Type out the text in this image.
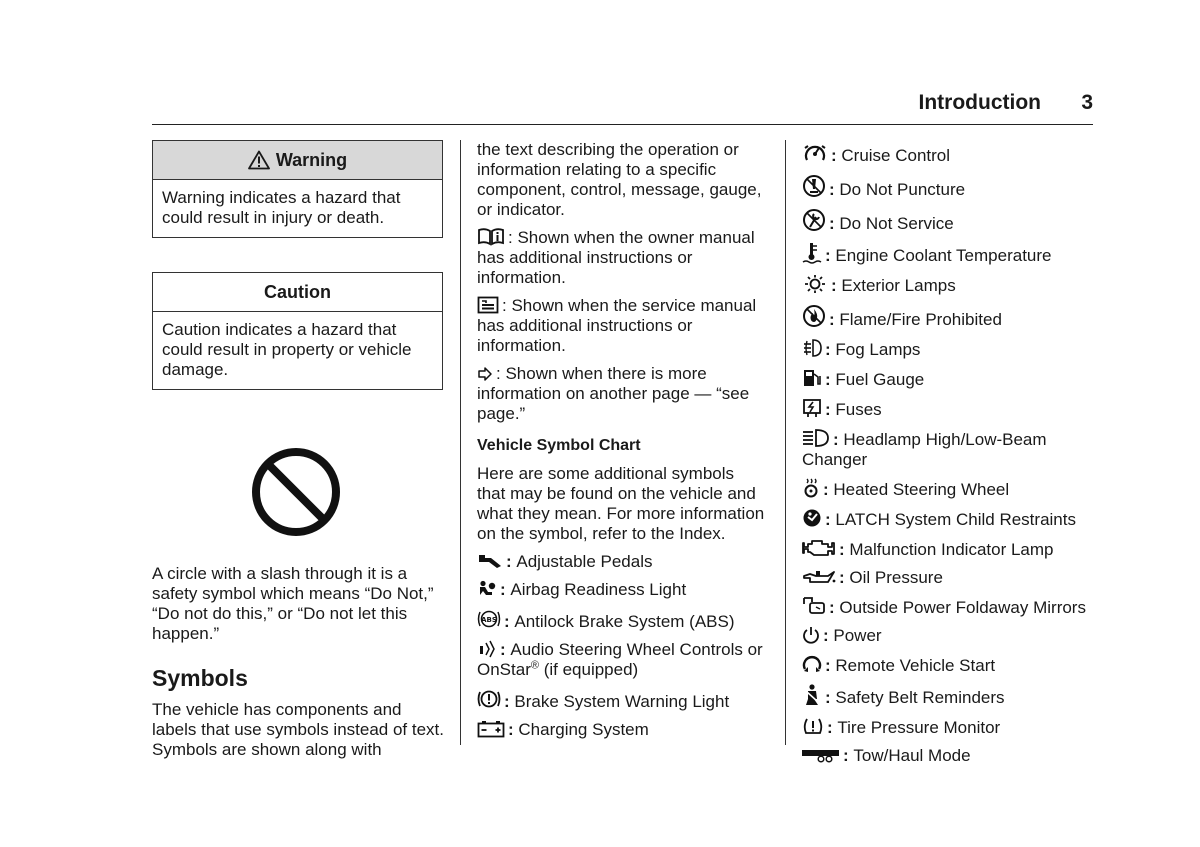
Introduction 3
Warning
Warning indicates a hazard that could result in injury or death.
Caution
Caution indicates a hazard that could result in property or vehicle damage.
A circle with a slash through it is a safety symbol which means “Do Not,” “Do not do this,” or “Do not let this happen.”
Symbols
The vehicle has components and labels that use symbols instead of text. Symbols are shown along with

the text describing the operation or information relating to a specific component, control, message, gauge, or indicator.

: Shown when the owner manual has additional instructions or information.

: Shown when the service manual has additional instructions or information.

: Shown when there is more information on another page — “see page.”

Vehicle Symbol Chart

Here are some additional symbols that may be found on the vehicle and what they mean. For more information on the symbol, refer to the Index.

: Adjustable Pedals
: Airbag Readiness Light
ABS : Antilock Brake System (ABS)
: Audio Steering Wheel Controls or OnStar® (if equipped)
: Brake System Warning Light
: Charging System
: Cruise Control
: Do Not Puncture
: Do Not Service
: Engine Coolant Temperature
: Exterior Lamps
: Flame/Fire Prohibited
: Fog Lamps
: Fuel Gauge
: Fuses
: Headlamp High/Low-Beam Changer
: Heated Steering Wheel
: LATCH System Child Restraints
: Malfunction Indicator Lamp
: Oil Pressure
: Outside Power Foldaway Mirrors
: Power
: Remote Vehicle Start
: Safety Belt Reminders
: Tire Pressure Monitor
: Tow/Haul Mode
